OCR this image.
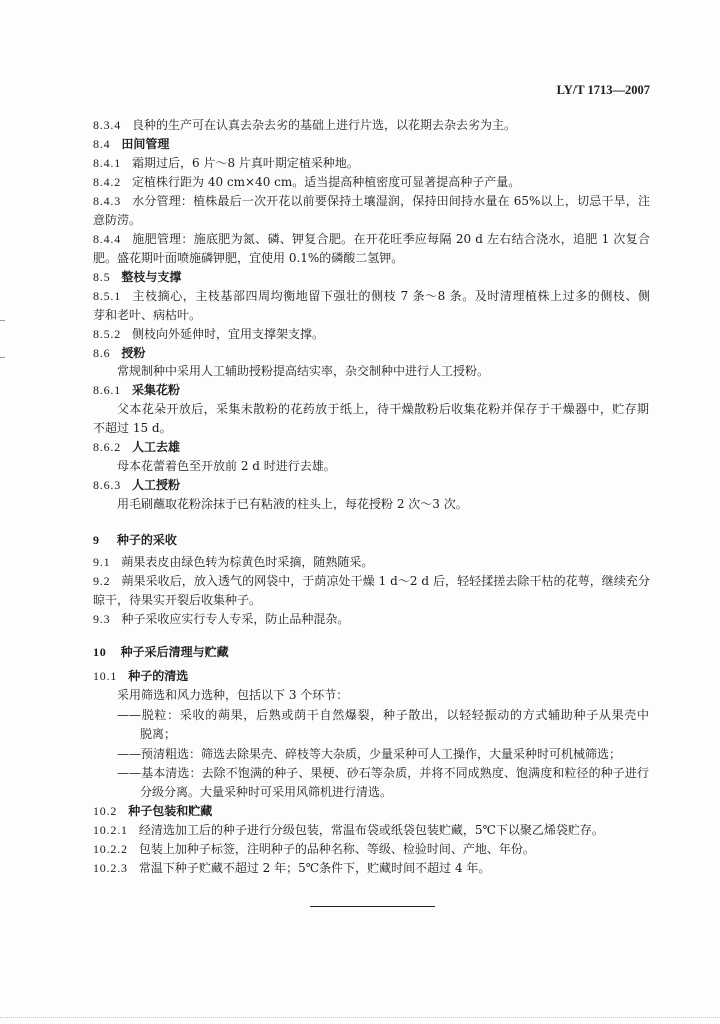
LY/T 1713—2007
8.3.4 良种的生产可在认真去杂去劣的基础上进行片选，以花期去杂去劣为主。
8.4 田间管理
8.4.1 霜期过后，6 片～8 片真叶期定植采种地。
8.4.2 定植株行距为 40 cm×40 cm。适当提高种植密度可显著提高种子产量。
8.4.3 水分管理：植株最后一次开花以前要保持土壤湿润，保持田间持水量在 65%以上，切忌干旱，注
意防涝。
8.4.4 施肥管理：施底肥为氮、磷、钾复合肥。在开花旺季应每隔 20 d 左右结合浇水，追肥 1 次复合
肥。盛花期叶面喷施磷钾肥，宜使用 0.1%的磷酸二氢钾。
8.5 整枝与支撑
8.5.1 主枝摘心，主枝基部四周均衡地留下强壮的侧枝 7 条～8 条。及时清理植株上过多的侧枝、侧
芽和老叶、病枯叶。
8.5.2 侧枝向外延伸时，宜用支撑架支撑。
8.6 授粉
常规制种中采用人工辅助授粉提高结实率，杂交制种中进行人工授粉。
8.6.1 采集花粉
父本花朵开放后，采集未散粉的花药放于纸上，待干燥散粉后收集花粉并保存于干燥器中，贮存期
不超过 15 d。
8.6.2 人工去雄
母本花蕾着色至开放前 2 d 时进行去雄。
8.6.3 人工授粉
用毛刷蘸取花粉涂抹于已有粘液的柱头上，每花授粉 2 次～3 次。
9 种子的采收
9.1 蒴果表皮由绿色转为棕黄色时采摘，随熟随采。
9.2 蒴果采收后，放入透气的网袋中，于荫凉处干燥 1 d～2 d 后，轻轻揉搓去除干枯的花萼，继续充分
晾干，待果实开裂后收集种子。
9.3 种子采收应实行专人专采，防止品种混杂。
10 种子采后清理与贮藏
10.1 种子的清选
采用筛选和风力选种，包括以下 3 个环节：
——脱粒：采收的蒴果，后熟或荫干自然爆裂，种子散出，以轻轻振动的方式辅助种子从果壳中
脱离；
——预清粗选：筛选去除果壳、碎枝等大杂质，少量采种可人工操作，大量采种时可机械筛选；
——基本清选：去除不饱满的种子、果梗、砂石等杂质，并将不同成熟度、饱满度和粒径的种子进行
分级分离。大量采种时可采用风筛机进行清选。
10.2 种子包装和贮藏
10.2.1 经清选加工后的种子进行分级包装，常温布袋或纸袋包装贮藏，5℃下以聚乙烯袋贮存。
10.2.2 包装上加种子标签，注明种子的品种名称、等级、检验时间、产地、年份。
10.2.3 常温下种子贮藏不超过 2 年；5℃条件下，贮藏时间不超过 4 年。
